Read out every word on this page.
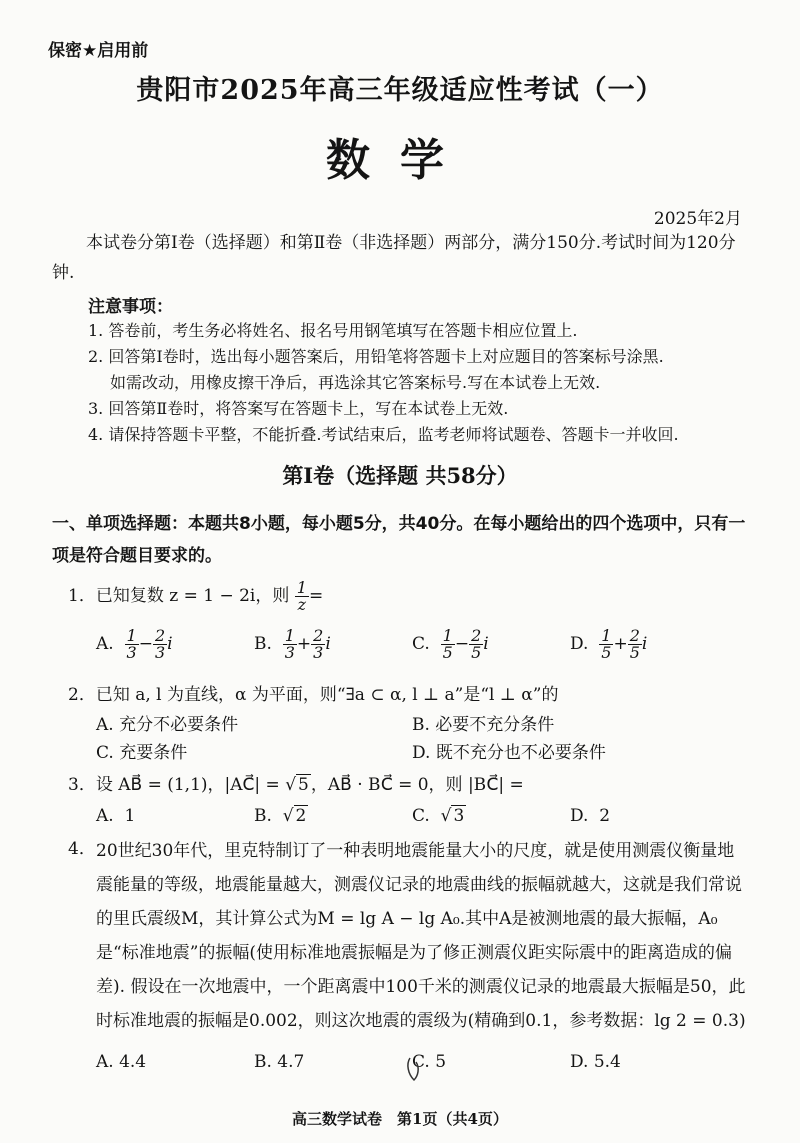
保密★启用前
贵阳市2025年高三年级适应性考试（一）
数学
2025年2月
本试卷分第Ⅰ卷（选择题）和第Ⅱ卷（非选择题）两部分，满分150分.考试时间为120分钟.
注意事项：
1. 答卷前，考生务必将姓名、报名号用钢笔填写在答题卡相应位置上.
2. 回答第Ⅰ卷时，选出每小题答案后，用铅笔将答题卡上对应题目的答案标号涂黑.
如需改动，用橡皮擦干净后，再选涂其它答案标号.写在本试卷上无效.
3. 回答第Ⅱ卷时，将答案写在答题卡上，写在本试卷上无效.
4. 请保持答题卡平整，不能折叠.考试结束后，监考老师将试题卷、答题卡一并收回.
第Ⅰ卷（选择题 共58分）
一、单项选择题：本题共8小题，每小题5分，共40分。在每小题给出的四个选项中，只有一项是符合题目要求的。
1．已知复数 z = 1 − 2i，则 $\frac{1}{z}$ =
A. $\frac{1}{3} - \frac{2}{3}$ i	B. $\frac{1}{3} + \frac{2}{3}$ i	C. $\frac{1}{5} - \frac{2}{5}$ i	D. $\frac{1}{5} + \frac{2}{5}$ i
2．已知 a, l 为直线，α 为平面，则“∃a ⊂ α, l ⊥ a”是“l ⊥ α”的
A. 充分不必要条件	B. 必要不充分条件
C. 充要条件	D. 既不充分也不必要条件
3．设 AB⃗ = (1,1)，|AC⃗| = √ 5 ，AB⃗ · BC⃗ = 0，则 |BC⃗| =
A. 1	B.  √ 2	C.  √ 3	D. 2
4． 20世纪30年代，里克特制订了一种表明地震能量大小的尺度，就是使用测震仪衡量地震能量的等级，地震能量越大，测震仪记录的地震曲线的振幅就越大，这就是我们常说的里氏震级M，其计算公式为M = lg A − lg A₀.其中A是被测地震的最大振幅，A₀是“标准地震”的振幅(使用标准地震振幅是为了修正测震仪距实际震中的距离造成的偏差). 假设在一次地震中，一个距离震中100千米的测震仪记录的地震最大振幅是50，此时标准地震的振幅是0.002，则这次地震的震级为(精确到0.1，参考数据：lg 2 = 0.3)
A. 4.4	B. 4.7	C. 5	D. 5.4
高三数学试卷　第1页（共4页）
